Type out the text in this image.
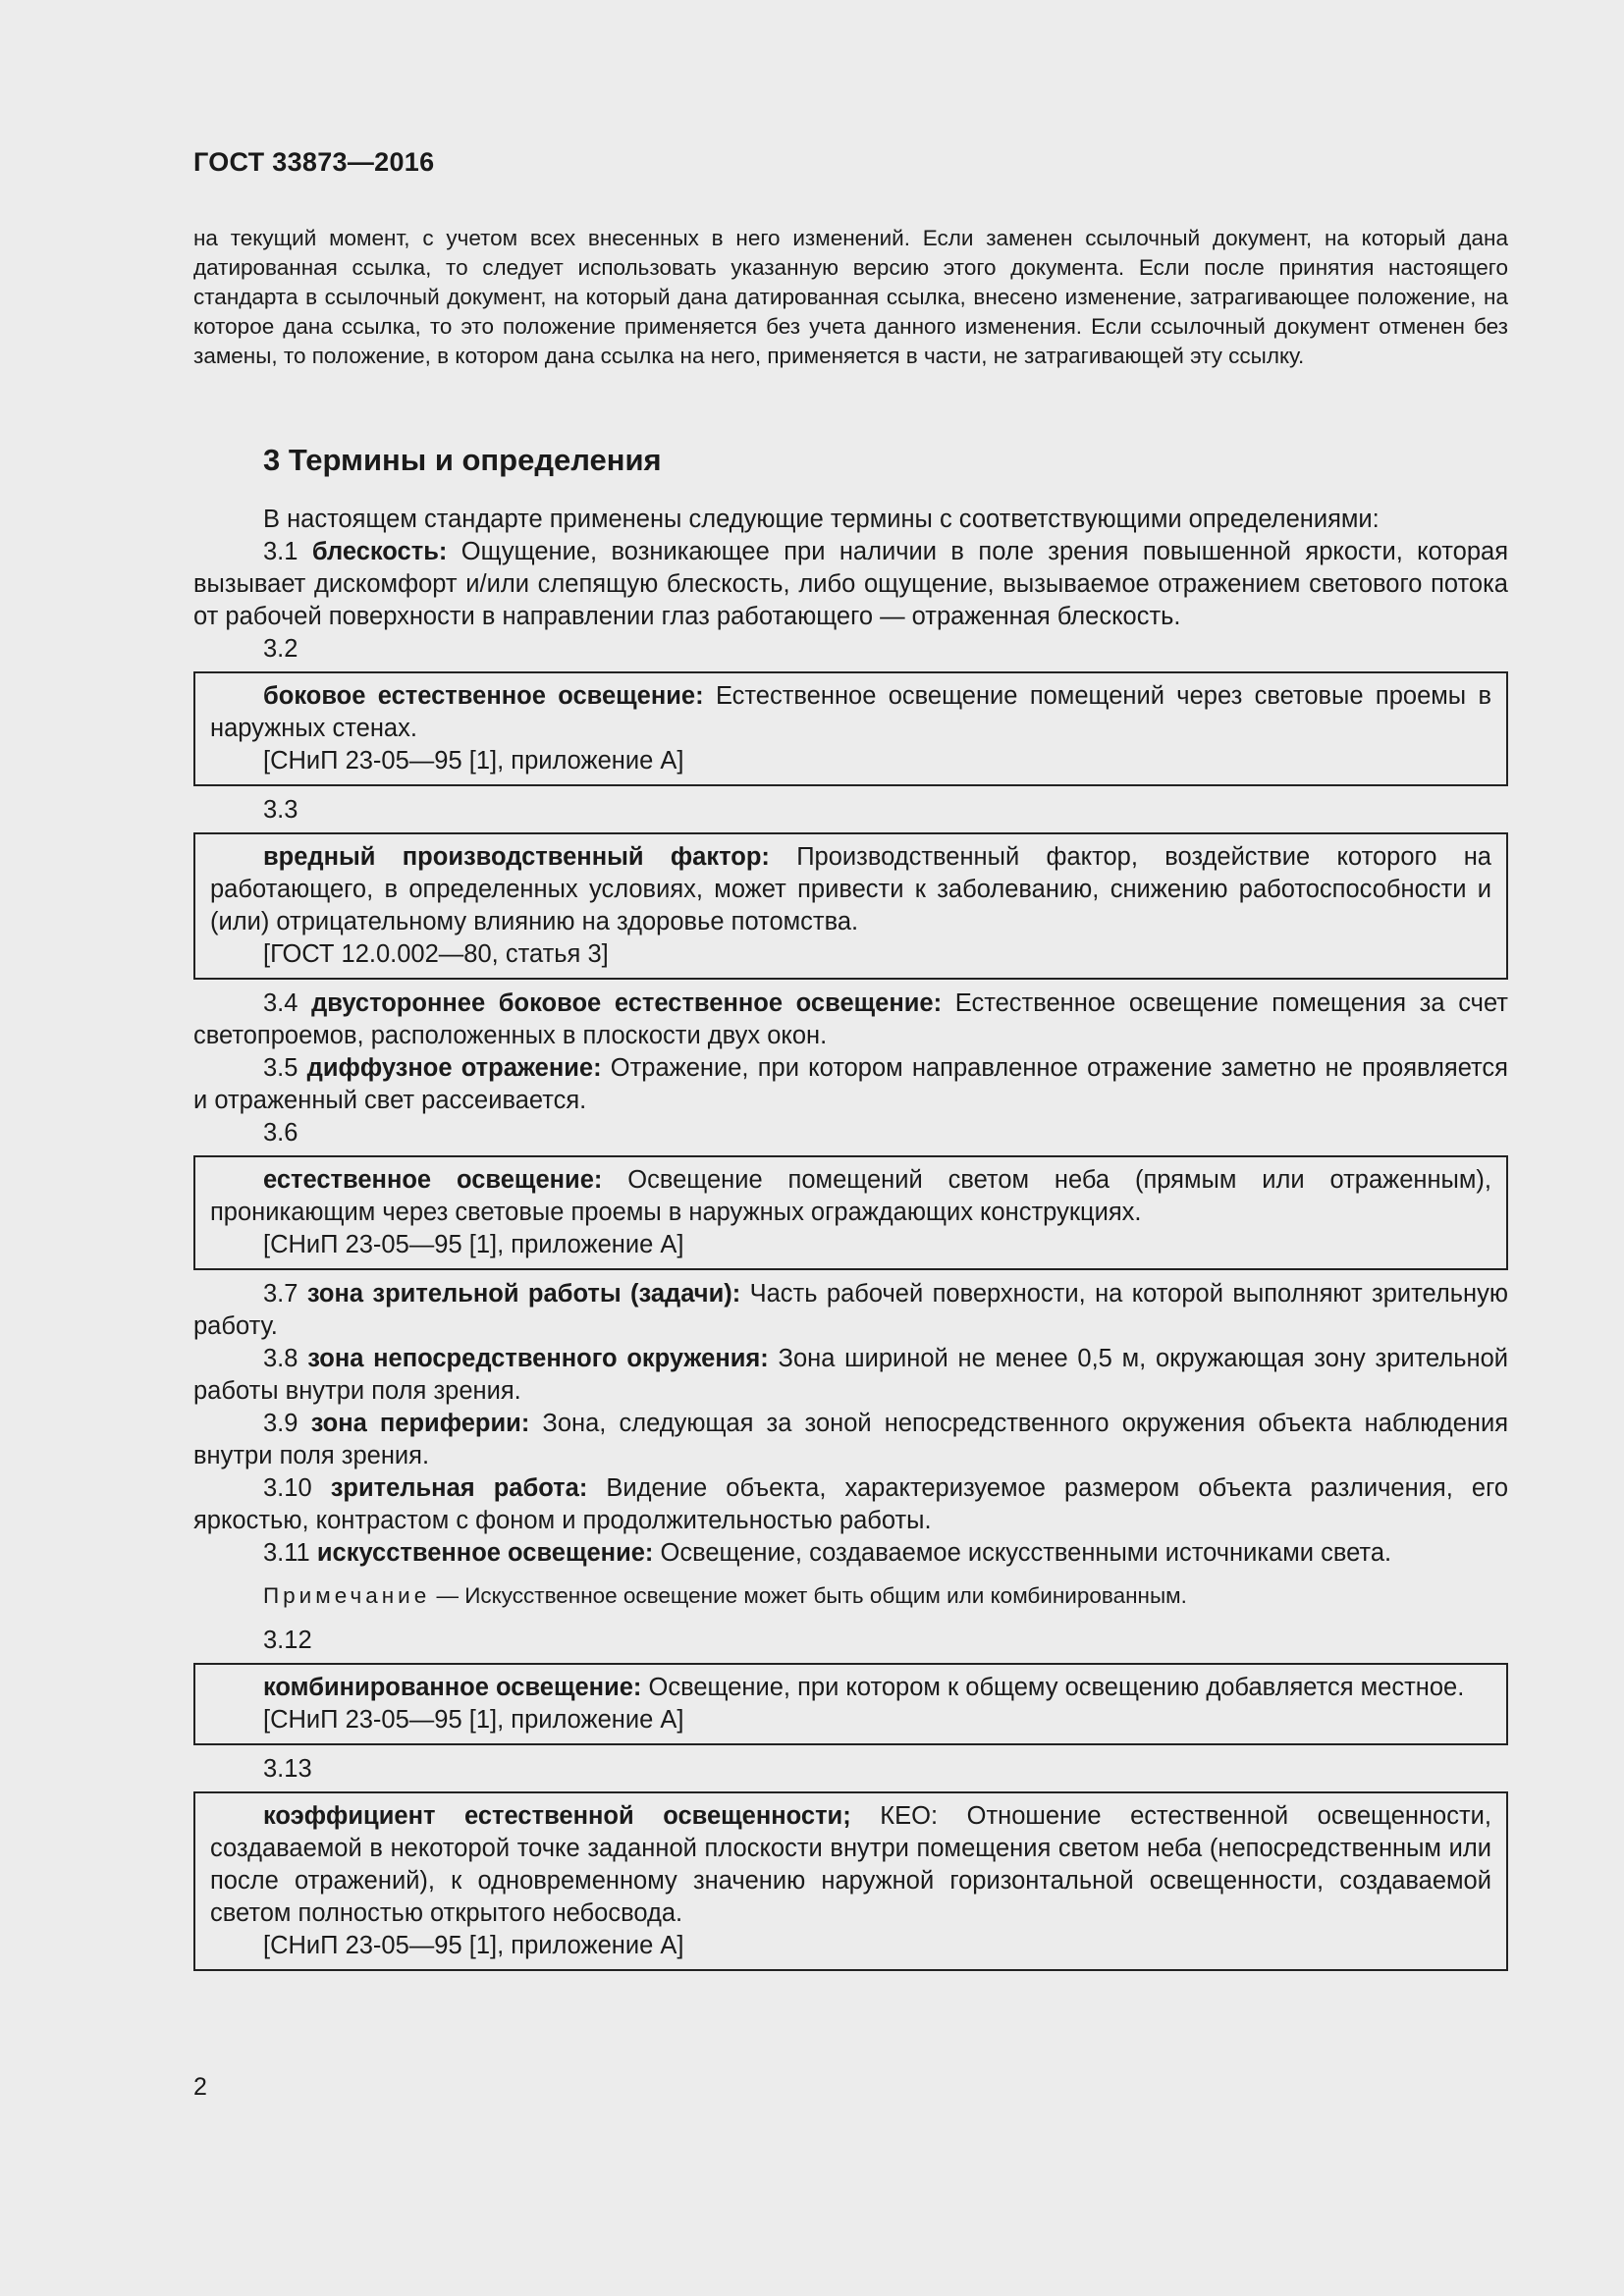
ГОСТ 33873—2016
на текущий момент, с учетом всех внесенных в него изменений. Если заменен ссылочный документ, на который дана датированная ссылка, то следует использовать указанную версию этого документа. Если после принятия настоящего стандарта в ссылочный документ, на который дана датированная ссылка, внесено изменение, затрагивающее положение, на которое дана ссылка, то это положение применяется без учета данного изменения. Если ссылочный документ отменен без замены, то положение, в котором дана ссылка на него, применяется в части, не затрагивающей эту ссылку.
3 Термины и определения

В настоящем стандарте применены следующие термины с соответствующими определениями:

3.1 блескость: Ощущение, возникающее при наличии в поле зрения повышенной яркости, которая вызывает дискомфорт и/или слепящую блескость, либо ощущение, вызываемое отражением светового потока от рабочей поверхности в направлении глаз работающего — отраженная блескость.

3.2

боковое естественное освещение: Естественное освещение помещений через световые проемы в наружных стенах.

[СНиП 23-05—95 [1], приложение А]

3.3

вредный производственный фактор: Производственный фактор, воздействие которого на работающего, в определенных условиях, может привести к заболеванию, снижению работоспособности и (или) отрицательному влиянию на здоровье потомства.

[ГОСТ 12.0.002—80, статья 3]

3.4 двустороннее боковое естественное освещение: Естественное освещение помещения за счет светопроемов, расположенных в плоскости двух окон.

3.5 диффузное отражение: Отражение, при котором направленное отражение заметно не проявляется и отраженный свет рассеивается.

3.6

естественное освещение: Освещение помещений светом неба (прямым или отраженным), проникающим через световые проемы в наружных ограждающих конструкциях.

[СНиП 23-05—95 [1], приложение А]

3.7 зона зрительной работы (задачи): Часть рабочей поверхности, на которой выполняют зрительную работу.

3.8 зона непосредственного окружения: Зона шириной не менее 0,5 м, окружающая зону зрительной работы внутри поля зрения.

3.9 зона периферии: Зона, следующая за зоной непосредственного окружения объекта наблюдения внутри поля зрения.

3.10 зрительная работа: Видение объекта, характеризуемое размером объекта различения, его яркостью, контрастом с фоном и продолжительностью работы.

3.11 искусственное освещение: Освещение, создаваемое искусственными источниками света.

Примечание — Искусственное освещение может быть общим или комбинированным.

3.12

комбинированное освещение: Освещение, при котором к общему освещению добавляется местное.

[СНиП 23-05—95 [1], приложение А]

3.13

коэффициент естественной освещенности; КЕО: Отношение естественной освещенности, создаваемой в некоторой точке заданной плоскости внутри помещения светом неба (непосредственным или после отражений), к одновременному значению наружной горизонтальной освещенности, создаваемой светом полностью открытого небосвода.

[СНиП 23-05—95 [1], приложение А]

2
